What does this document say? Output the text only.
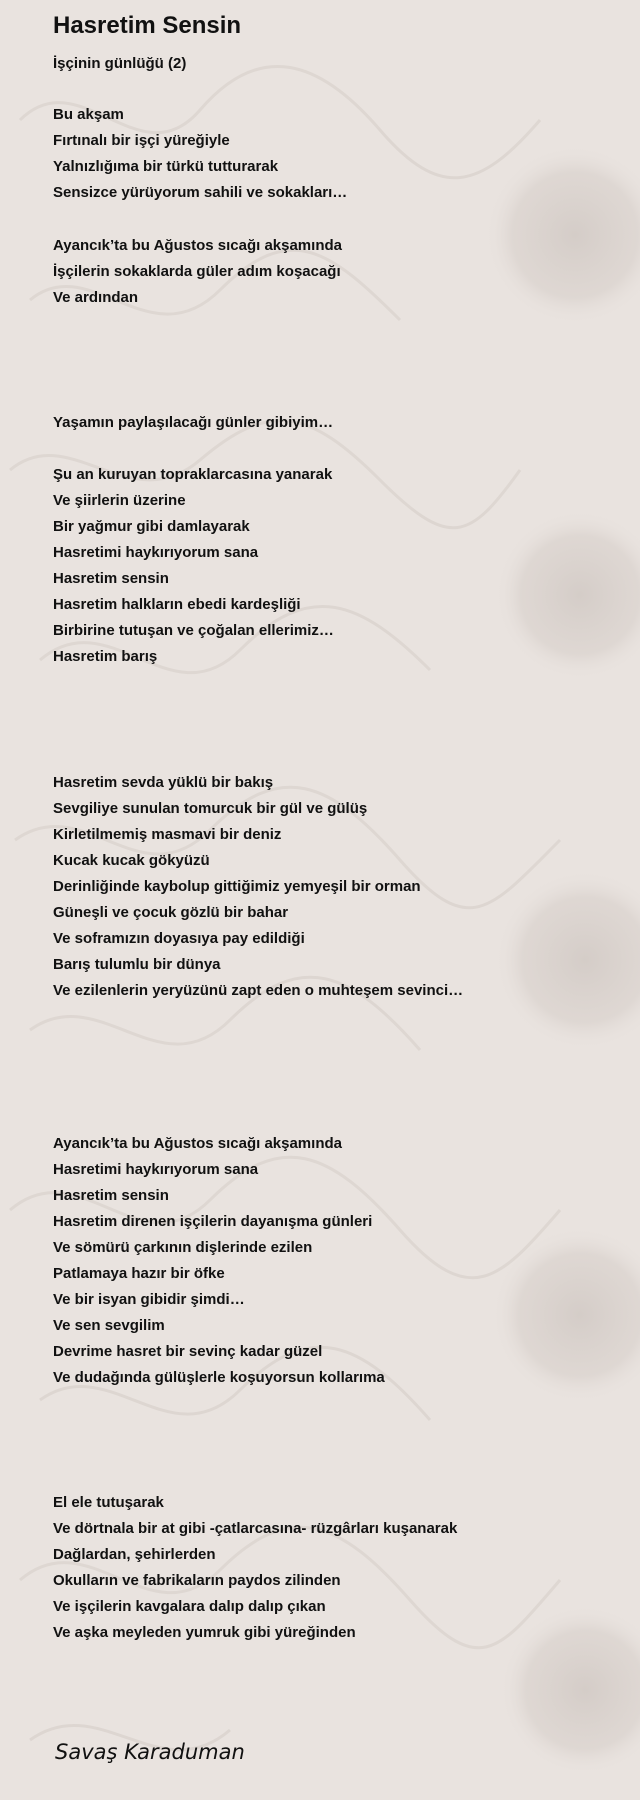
Hasretim Sensin
İşçinin günlüğü (2)
Bu akşam
Fırtınalı bir işçi yüreğiyle
Yalnızlığıma bir türkü tutturarak
Sensizce yürüyorum sahili ve sokakları…
Ayancık’ta bu Ağustos sıcağı akşamında
İşçilerin sokaklarda güler adım koşacağı
Ve ardından
Yaşamın paylaşılacağı günler gibiyim…
Şu an kuruyan topraklarcasına yanarak
Ve şiirlerin üzerine
Bir yağmur gibi damlayarak
Hasretimi haykırıyorum sana
Hasretim sensin
Hasretim halkların ebedi kardeşliği
Birbirine tutuşan ve çoğalan ellerimiz…
Hasretim barış
Hasretim sevda yüklü bir bakış
Sevgiliye sunulan tomurcuk bir gül ve gülüş
Kirletilmemiş masmavi bir deniz
Kucak kucak gökyüzü
Derinliğinde kaybolup gittiğimiz yemyeşil bir orman
Güneşli ve çocuk gözlü bir bahar
Ve soframızın doyasıya pay edildiği
Barış tulumlu bir dünya
Ve ezilenlerin yeryüzünü zapt eden o muhteşem sevinci…
Ayancık’ta bu Ağustos sıcağı akşamında
Hasretimi haykırıyorum sana
Hasretim sensin
Hasretim direnen işçilerin dayanışma günleri
Ve sömürü çarkının dişlerinde ezilen
Patlamaya hazır bir öfke
Ve bir isyan gibidir şimdi…
Ve sen sevgilim
Devrime hasret bir sevinç kadar güzel
Ve dudağında gülüşlerle koşuyorsun kollarıma
El ele tutuşarak
Ve dörtnala bir at gibi -çatlarcasına- rüzgârları kuşanarak
Dağlardan, şehirlerden
Okulların ve fabrikaların paydos zilinden
Ve işçilerin kavgalara dalıp dalıp çıkan
Ve aşka meyleden yumruk gibi yüreğinden
Savaş Karaduman
